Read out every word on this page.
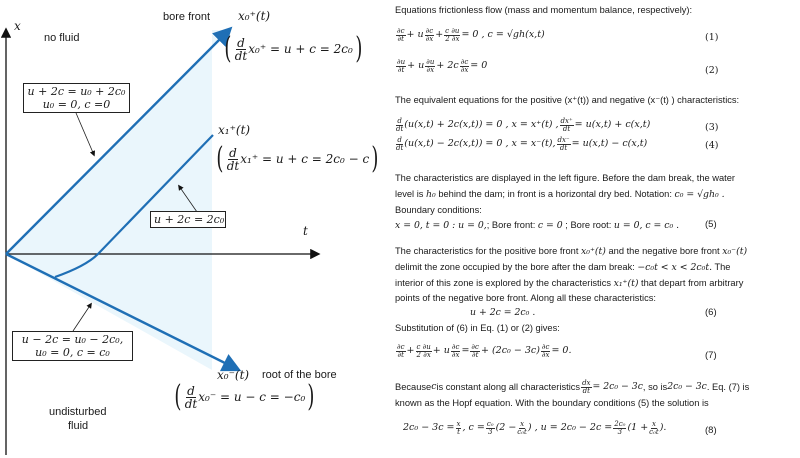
x
t
no fluid
bore front x₀⁺(t)
( $\frac{d}{dt} x_0^+$
= u + c = 2c₀ )
x₁⁺(t)
( $\frac{d}{dt} x_1^+$
= u + c = 2c₀ − c )
u + 2c = u₀ + 2c₀
u₀ = 0, c =0
u + 2c = 2c₀
u − 2c = u₀ − 2c₀,
u₀ = 0, c = c₀
x₀⁻(t) root of the bore
( $\frac{d}{dt} x_0^-$
= u − c = −c₀ )
undisturbed
fluid
Equations frictionless flow (mass and momentum balance, respectively):
∂c
∂t + u ∂c
$\partial x + \frac{c \partial u}{2 \partial x} = 0$ , c = √gh(x,t)	(1)
∂u
∂t + u ∂u
$\partial x + 2c \frac{\partial c}{\partial x} = 0$	(2)
The equivalent equations for the positive (x⁺(t)) and negative (x⁻(t) ) characteristics:
d
dt (u(x,t) + 2c(x,t)) = 0 , x = x⁺(t) , $\frac{dx^+}{dt} = u(x,t) + c(x,t)$	(3)
d
dt (u(x,t) − 2c(x,t)) = 0 , x = x⁻(t), $\frac{dx^-}{dt} = u(x,t) - c(x,t)$	(4)
The characteristics are displayed in the left figure. Before the dam break, the water
level is h₀ behind the dam; in front is a horizontal dry bed. Notation: c₀ = √gh₀ .
Boundary conditions:
x = 0, t = 0 : u = 0,; Bore front: c = 0 ; Bore root: u = 0, c = c₀ .	(5)
The characteristics for the positive bore front x₀⁺(t) and the negative bore front x₀⁻(t)
delimit the zone occupied by the bore after the dam break: −c₀t < x < 2c₀t. The
interior of this zone is explored by the characteristics x₁⁺(t) that depart from arbitrary
points of the negative bore front. Along all these characteristics:
u + 2c = 2c₀ .	(6)
Substitution of (6) in Eq. (1) or (2) gives:
∂c
$\partial t + \frac{c \partial u}{2 \partial x} + u \frac{\partial c}{\partial x} = \frac{\partial c}{\partial t} + (2c_0 - 3c) \frac{\partial c}{\partial x} = 0$.	(7)
Because c is constant along all characteristics $\frac{dx}{dt} = 2c_0 - 3c$ , so is 2c₀ − 3c . Eq. (7) is
known as the Hopf equation. With the boundary conditions (5) the solution is
$2c_0 - 3c = \frac{x}{t}$ , $c = \frac{\text{c₀}}{3} (2 - \frac{x}{\text{c₀t}}$ ) , $u = 2c_0 - 2c = \frac{\text{2c₀}}{3} (1 + \frac{x}{\text{c₀t}}$ ).	(8)
